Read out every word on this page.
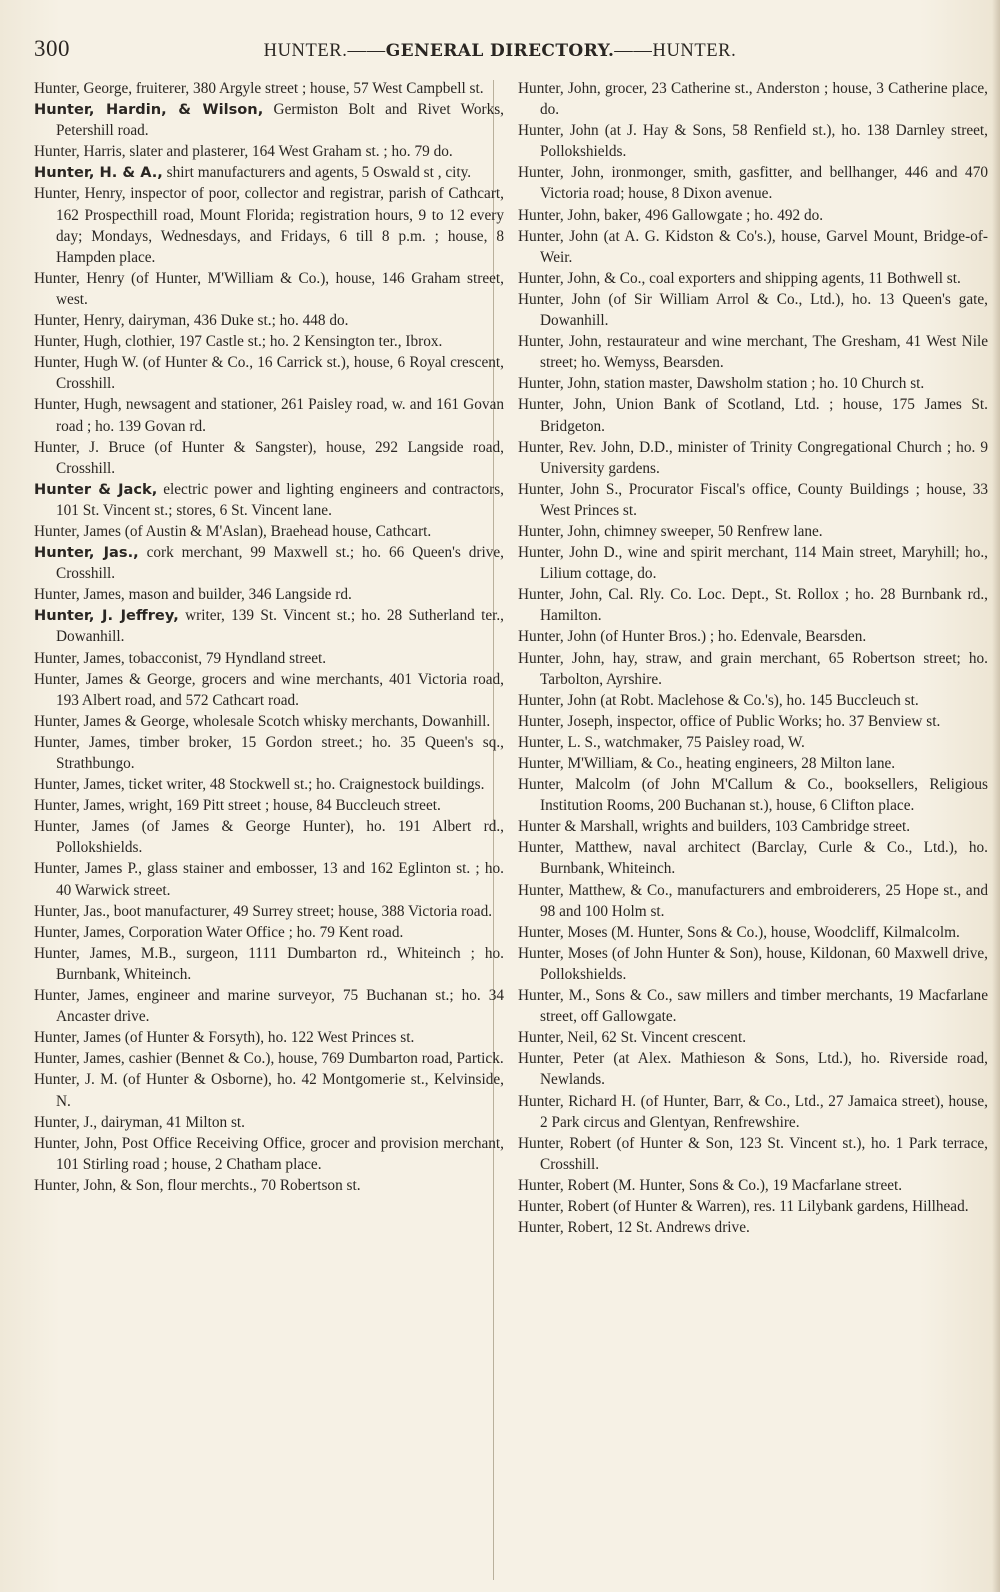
300	HUNTER.——GENERAL DIRECTORY.——HUNTER.

Hunter, George, fruiterer, 380 Argyle street ; house, 57 West Campbell st.

Hunter, Hardin, & Wilson, Germiston Bolt and Rivet Works, Petershill road.

Hunter, Harris, slater and plasterer, 164 West Graham st. ; ho. 79 do.

Hunter, H. & A., shirt manufacturers and agents, 5 Oswald st , city.

Hunter, Henry, inspector of poor, collector and registrar, parish of Cathcart, 162 Prospecthill road, Mount Florida; registration hours, 9 to 12 every day; Mondays, Wednesdays, and Fridays, 6 till 8 p.m. ; house, 8 Hampden place.

Hunter, Henry (of Hunter, M'William & Co.), house, 146 Graham street, west.

Hunter, Henry, dairyman, 436 Duke st.; ho. 448 do.

Hunter, Hugh, clothier, 197 Castle st.; ho. 2 Kensington ter., Ibrox.

Hunter, Hugh W. (of Hunter & Co., 16 Carrick st.), house, 6 Royal crescent, Crosshill.

Hunter, Hugh, newsagent and stationer, 261 Paisley road, w. and 161 Govan road ; ho. 139 Govan rd.

Hunter, J. Bruce (of Hunter & Sangster), house, 292 Langside road, Crosshill.

Hunter & Jack, electric power and lighting engineers and contractors, 101 St. Vincent st.; stores, 6 St. Vincent lane.

Hunter, James (of Austin & M'Aslan), Braehead house, Cathcart.

Hunter, Jas., cork merchant, 99 Maxwell st.; ho. 66 Queen's drive, Crosshill.

Hunter, James, mason and builder, 346 Langside rd.

Hunter, J. Jeffrey, writer, 139 St. Vincent st.; ho. 28 Sutherland ter., Dowanhill.

Hunter, James, tobacconist, 79 Hyndland street.

Hunter, James & George, grocers and wine merchants, 401 Victoria road, 193 Albert road, and 572 Cathcart road.

Hunter, James & George, wholesale Scotch whisky merchants, Dowanhill.

Hunter, James, timber broker, 15 Gordon street.; ho. 35 Queen's sq., Strathbungo.

Hunter, James, ticket writer, 48 Stockwell st.; ho. Craignestock buildings.

Hunter, James, wright, 169 Pitt street ; house, 84 Buccleuch street.

Hunter, James (of James & George Hunter), ho. 191 Albert rd., Pollokshields.

Hunter, James P., glass stainer and embosser, 13 and 162 Eglinton st. ; ho. 40 Warwick street.

Hunter, Jas., boot manufacturer, 49 Surrey street; house, 388 Victoria road.

Hunter, James, Corporation Water Office ; ho. 79 Kent road.

Hunter, James, M.B., surgeon, 1111 Dumbarton rd., Whiteinch ; ho. Burnbank, Whiteinch.

Hunter, James, engineer and marine surveyor, 75 Buchanan st.; ho. 34 Ancaster drive.

Hunter, James (of Hunter & Forsyth), ho. 122 West Princes st.

Hunter, James, cashier (Bennet & Co.), house, 769 Dumbarton road, Partick.

Hunter, J. M. (of Hunter & Osborne), ho. 42 Montgomerie st., Kelvinside, N.

Hunter, J., dairyman, 41 Milton st.

Hunter, John, Post Office Receiving Office, grocer and provision merchant, 101 Stirling road ; house, 2 Chatham place.

Hunter, John, & Son, flour merchts., 70 Robertson st.

Hunter, John, grocer, 23 Catherine st., Anderston ; house, 3 Catherine place, do.

Hunter, John (at J. Hay & Sons, 58 Renfield st.), ho. 138 Darnley street, Pollokshields.

Hunter, John, ironmonger, smith, gasfitter, and bellhanger, 446 and 470 Victoria road; house, 8 Dixon avenue.

Hunter, John, baker, 496 Gallowgate ; ho. 492 do.

Hunter, John (at A. G. Kidston & Co's.), house, Garvel Mount, Bridge-of-Weir.

Hunter, John, & Co., coal exporters and shipping agents, 11 Bothwell st.

Hunter, John (of Sir William Arrol & Co., Ltd.), ho. 13 Queen's gate, Dowanhill.

Hunter, John, restaurateur and wine merchant, The Gresham, 41 West Nile street; ho. Wemyss, Bearsden.

Hunter, John, station master, Dawsholm station ; ho. 10 Church st.

Hunter, John, Union Bank of Scotland, Ltd. ; house, 175 James St. Bridgeton.

Hunter, Rev. John, D.D., minister of Trinity Congregational Church ; ho. 9 University gardens.

Hunter, John S., Procurator Fiscal's office, County Buildings ; house, 33 West Princes st.

Hunter, John, chimney sweeper, 50 Renfrew lane.

Hunter, John D., wine and spirit merchant, 114 Main street, Maryhill; ho., Lilium cottage, do.

Hunter, John, Cal. Rly. Co. Loc. Dept., St. Rollox ; ho. 28 Burnbank rd., Hamilton.

Hunter, John (of Hunter Bros.) ; ho. Edenvale, Bearsden.

Hunter, John, hay, straw, and grain merchant, 65 Robertson street; ho. Tarbolton, Ayrshire.

Hunter, John (at Robt. Maclehose & Co.'s), ho. 145 Buccleuch st.

Hunter, Joseph, inspector, office of Public Works; ho. 37 Benview st.

Hunter, L. S., watchmaker, 75 Paisley road, W.

Hunter, M'William, & Co., heating engineers, 28 Milton lane.

Hunter, Malcolm (of John M'Callum & Co., booksellers, Religious Institution Rooms, 200 Buchanan st.), house, 6 Clifton place.

Hunter & Marshall, wrights and builders, 103 Cambridge street.

Hunter, Matthew, naval architect (Barclay, Curle & Co., Ltd.), ho. Burnbank, Whiteinch.

Hunter, Matthew, & Co., manufacturers and embroiderers, 25 Hope st., and 98 and 100 Holm st.

Hunter, Moses (M. Hunter, Sons & Co.), house, Woodcliff, Kilmalcolm.

Hunter, Moses (of John Hunter & Son), house, Kildonan, 60 Maxwell drive, Pollokshields.

Hunter, M., Sons & Co., saw millers and timber merchants, 19 Macfarlane street, off Gallowgate.

Hunter, Neil, 62 St. Vincent crescent.

Hunter, Peter (at Alex. Mathieson & Sons, Ltd.), ho. Riverside road, Newlands.

Hunter, Richard H. (of Hunter, Barr, & Co., Ltd., 27 Jamaica street), house, 2 Park circus and Glentyan, Renfrewshire.

Hunter, Robert (of Hunter & Son, 123 St. Vincent st.), ho. 1 Park terrace, Crosshill.

Hunter, Robert (M. Hunter, Sons & Co.), 19 Macfarlane street.

Hunter, Robert (of Hunter & Warren), res. 11 Lilybank gardens, Hillhead.

Hunter, Robert, 12 St. Andrews drive.
